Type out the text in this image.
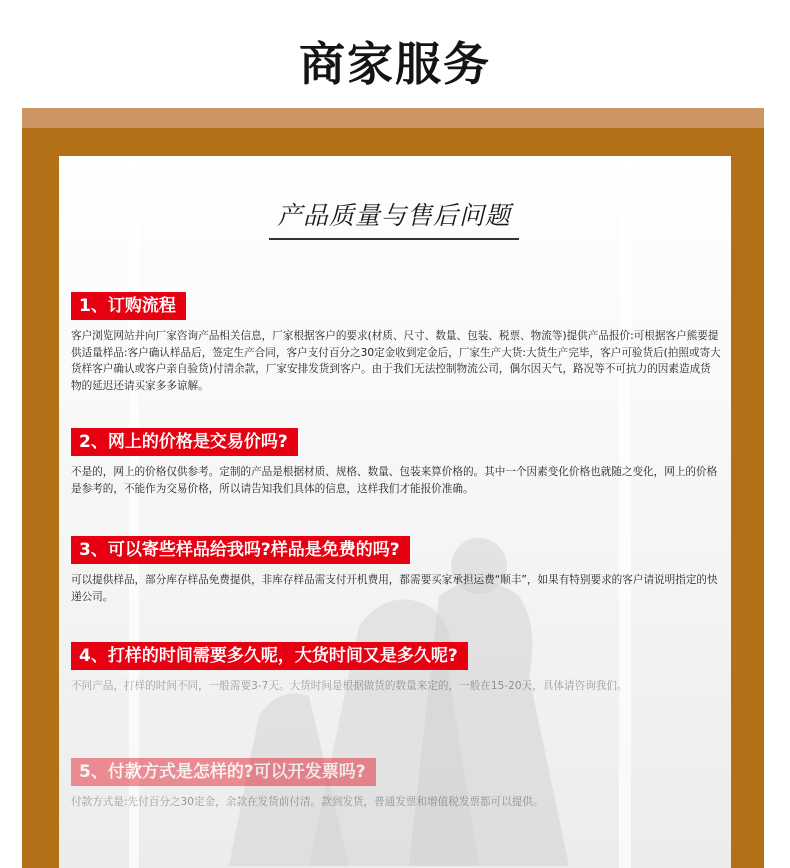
商家服务
产品质量与售后问题
1、订购流程
客户浏览网站并向厂家咨询产品相关信息，厂家根据客户的要求(材质、尺寸、数量、包装、税票、物流等)提供产品报价:可根据客户熊要提供适量样品:客户确认样品后，签定生产合同，客户支付百分之30定金收到定金后，厂家生产大货:大货生产完毕，客户可验货后(拍照或寄大货样客户确认或客户亲自验货)付清余款，厂家安排发货到客户。由于我们无法控制物流公司，偶尔因天气，路况等不可抗力的因素造成货物的延迟还请买家多多谅解。
2、网上的价格是交易价吗?
不是的，网上的价格仅供参考。定制的产品是根据材质、规格、数量、包装来算价格的。其中一个因素变化价格也就随之变化，网上的价格是参考的，不能作为交易价格，所以请告知我们具体的信息，这样我们才能报价准确。
3、可以寄些样品给我吗?样品是免费的吗?
可以提供样品，部分库存样品免费提供，非库存样品需支付开机费用，都需要买家承担运费“顺丰”，如果有特别要求的客户请说明指定的快递公司。
4、打样的时间需要多久呢，大货时间又是多久呢?
不同产品，打样的时间不同，一般需要3-7天。大货时间是根据做货的数量来定的，一般在15-20天，具体请咨询我们。
5、付款方式是怎样的?可以开发票吗?
付款方式是:先付百分之30定金，余款在发货前付清。款到发货，普通发票和增值税发票都可以提供。
